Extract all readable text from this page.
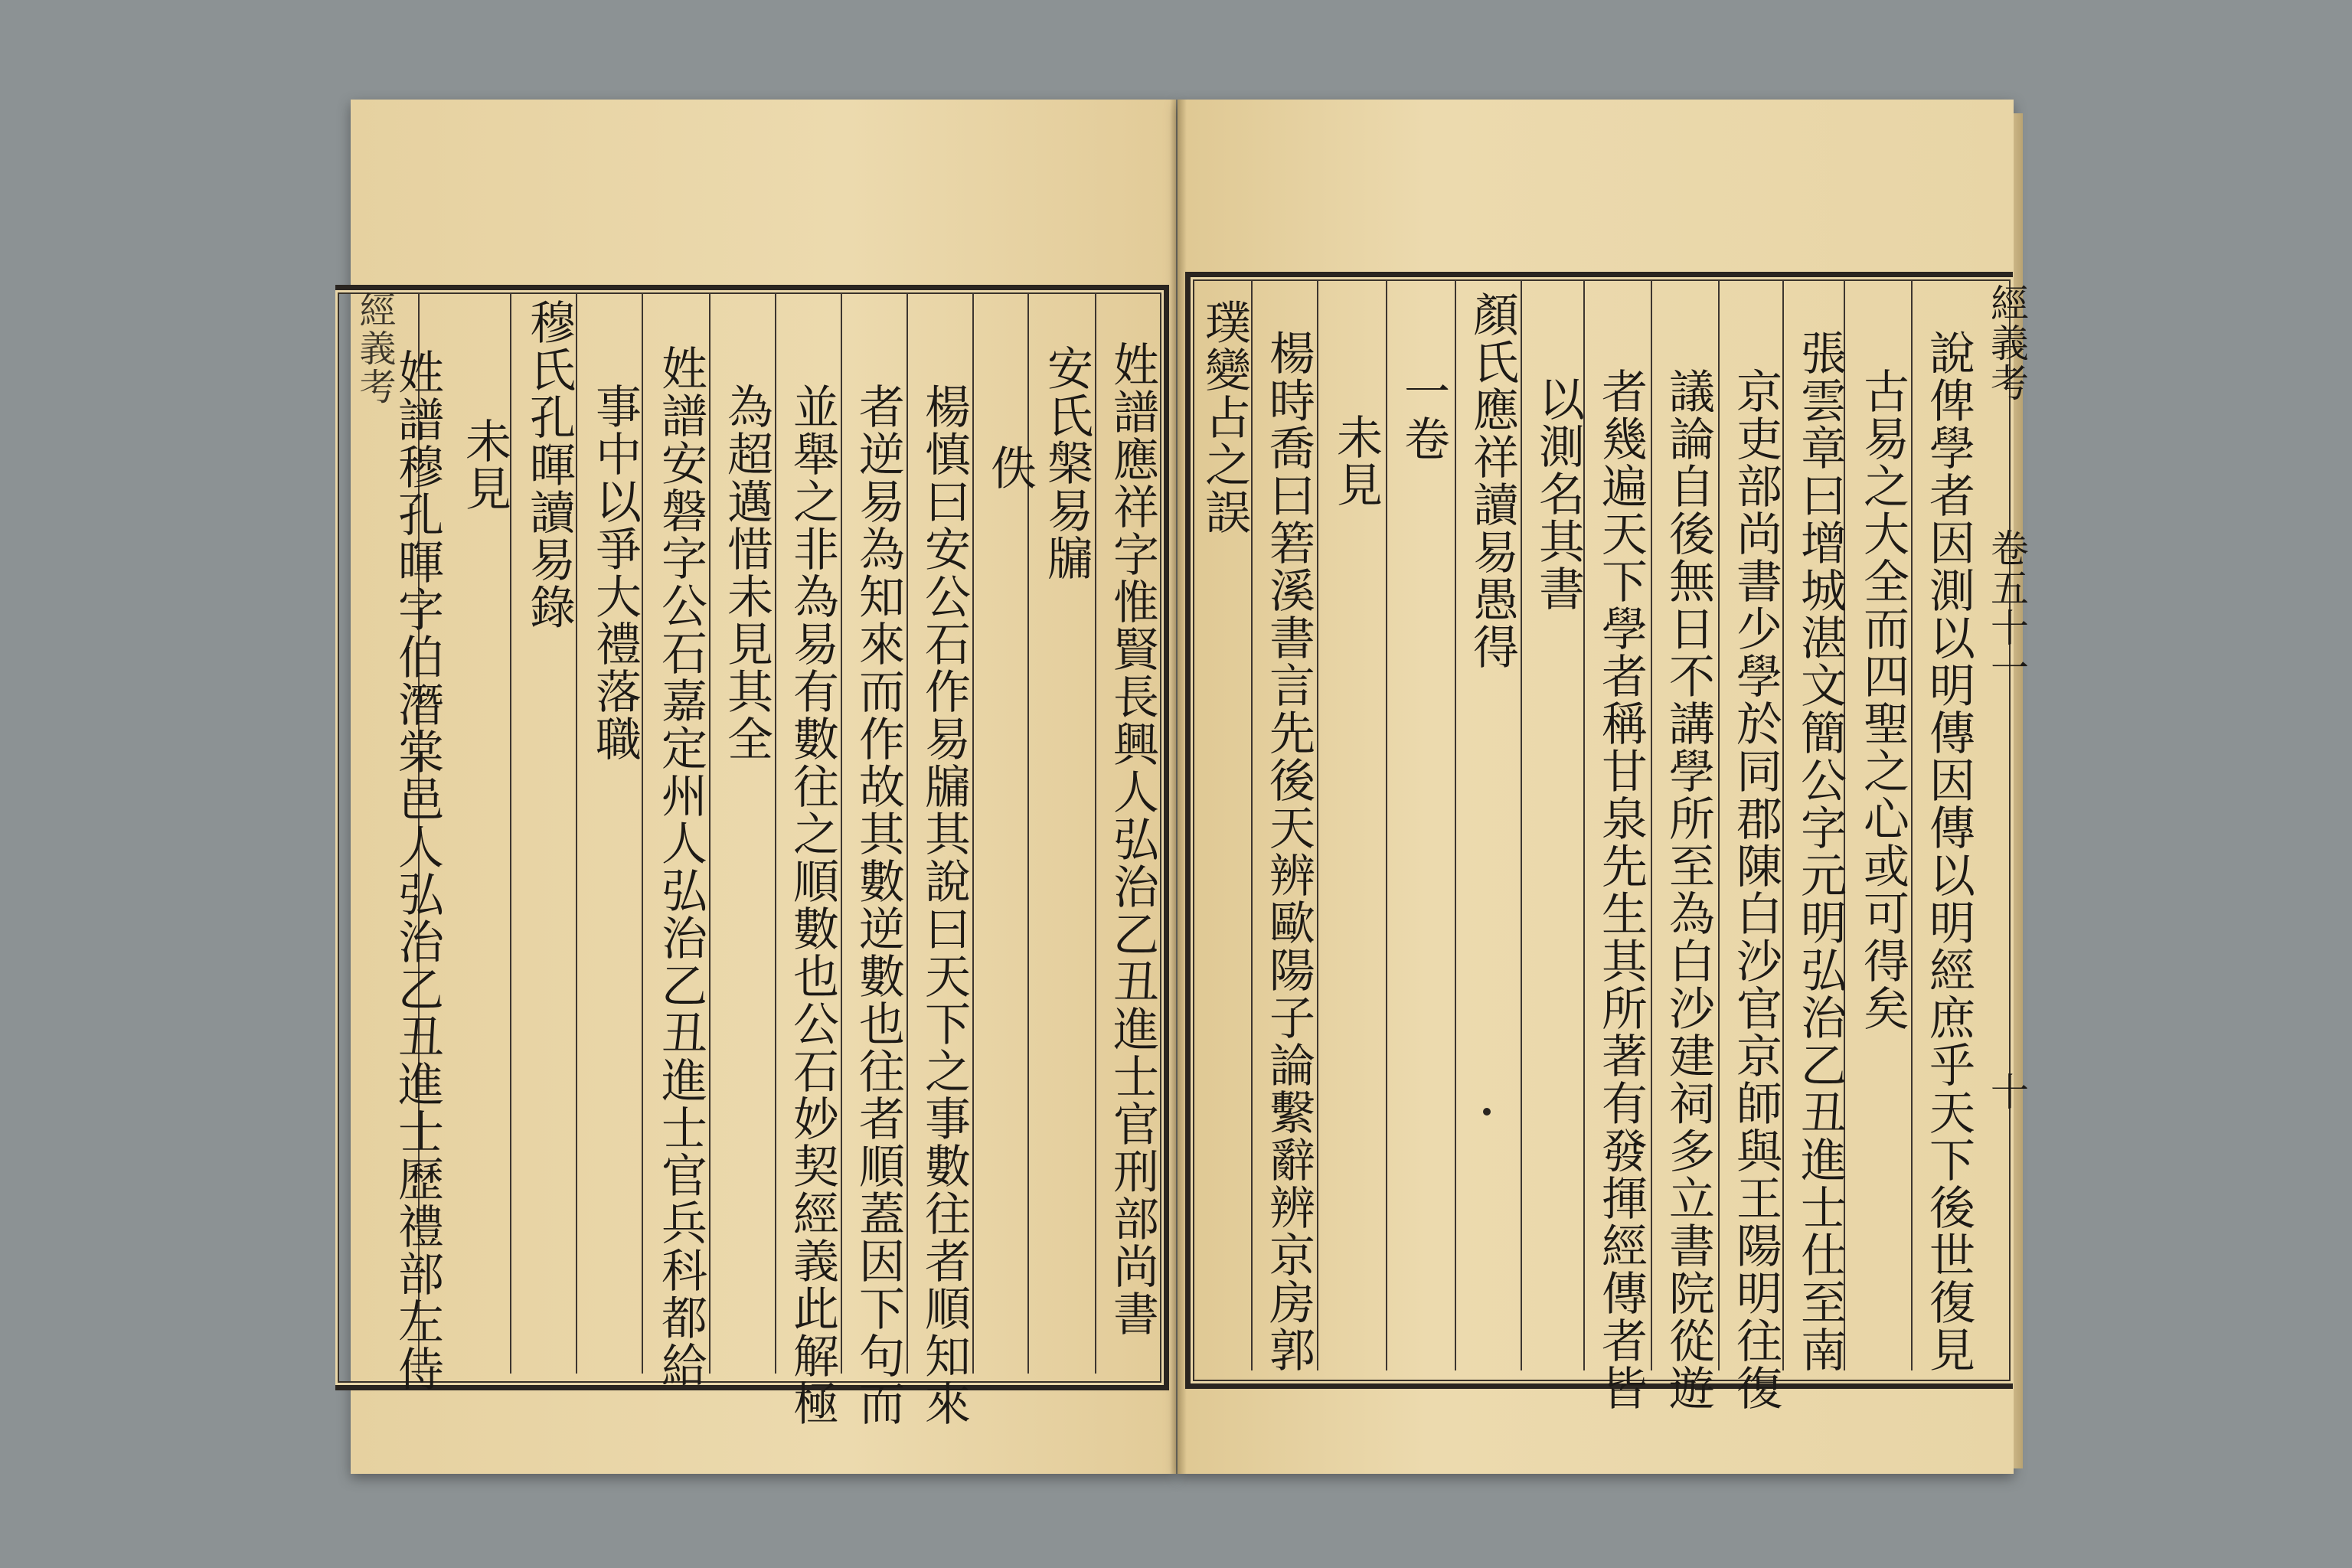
姓譜應祥字惟賢長興人弘治乙丑進士官刑部尚書
安氏槃易牖
佚
楊慎曰安公石作易牖其說曰天下之事數往者順知來
者逆易為知來而作故其數逆數也往者順蓋因下句而
並舉之非為易有數往之順數也公石妙契經義此解極
為超邁惜未見其全
姓譜安磐字公石嘉定州人弘治乙丑進士官兵科都給
事中以爭大禮落職
穆氏孔暉讀易錄
未見
姓譜穆孔暉字伯潛棠邑人弘治乙丑進士歷禮部左侍
經義考	經義考
卷五十一
十
說俾學者因測以明傳因傳以明經庶乎天下後世復見
古易之大全而四聖之心或可得矣
張雲章曰增城湛文簡公字元明弘治乙丑進士仕至南
京吏部尚書少學於同郡陳白沙官京師與王陽明往復
議論自後無日不講學所至為白沙建祠多立書院從遊
者幾遍天下學者稱甘泉先生其所著有發揮經傳者皆
以測名其書
顏氏應祥讀易愚得
一卷
未見
楊時喬曰箬溪書言先後天辨歐陽子論繫辭辨京房郭
璞變占之誤
